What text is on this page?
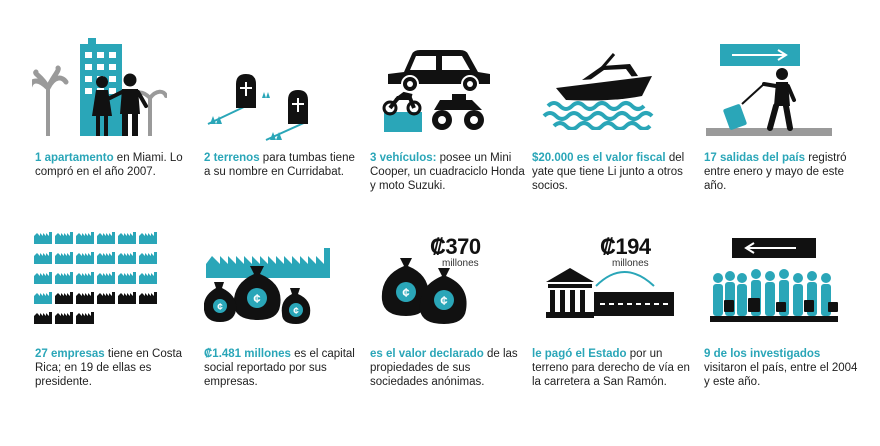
1 apartamento en Miami. Lo compró en el año 2007.
2 terrenos para tumbas tiene a su nombre en Curridabat.
3 vehículos: posee un Mini Cooper, un cuadraciclo Honda y moto Suzuki.
$20.000 es el valor fiscal del yate que tiene Li junto a otros socios.
17 salidas del país registró entre enero y mayo de este año.
27 empresas tiene en Costa Rica; en 19 de ellas es presidente.
¢
¢	¢
₡1.481 millones es el capital social reportado por sus empresas.
₡370
millones
¢
¢
es el valor declarado de las propiedades de sus sociedades anónimas.
₡194
millones
le pagó el Estado por un terreno para derecho de vía en la carretera a San Ramón.
9 de los investigados visitaron el país, entre el 2004 y este año.
